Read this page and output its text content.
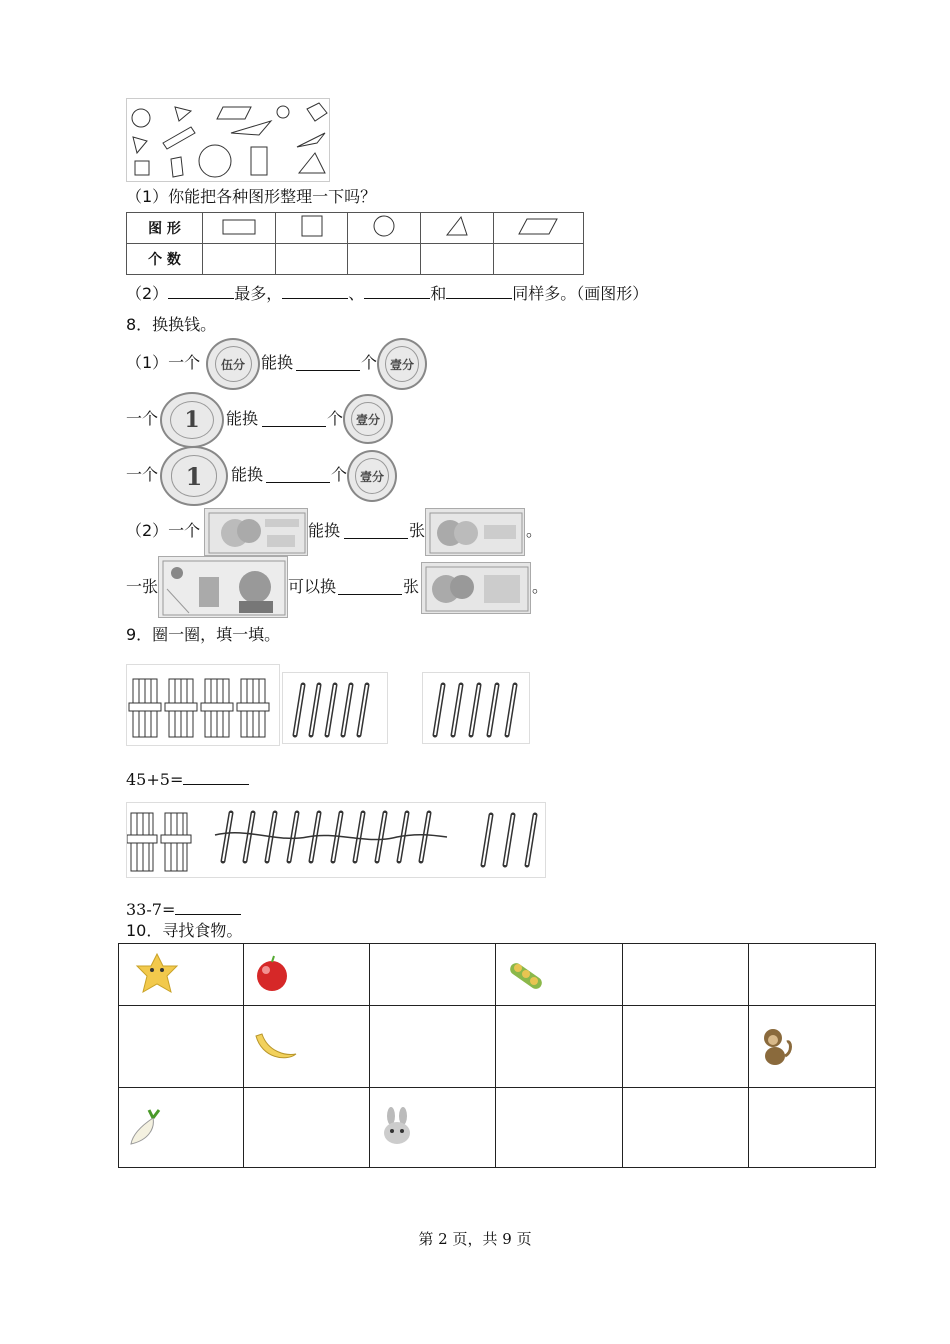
（1）你能把各种图形整理一下吗？
图 形					
个 数					
（2）	最多，	、	和	同样多。（画图形）
8．换换钱。
（1）一个	伍分	能换	个	壹分
一个	1	能换	个	壹分
一个	1	能换	个	壹分
（2）一个	能换	张	。
一张	可以换	张	。
9．圈一圈，填一填。
45+5=
33-7=
10．寻找食物。

第 2 页，共 9 页
